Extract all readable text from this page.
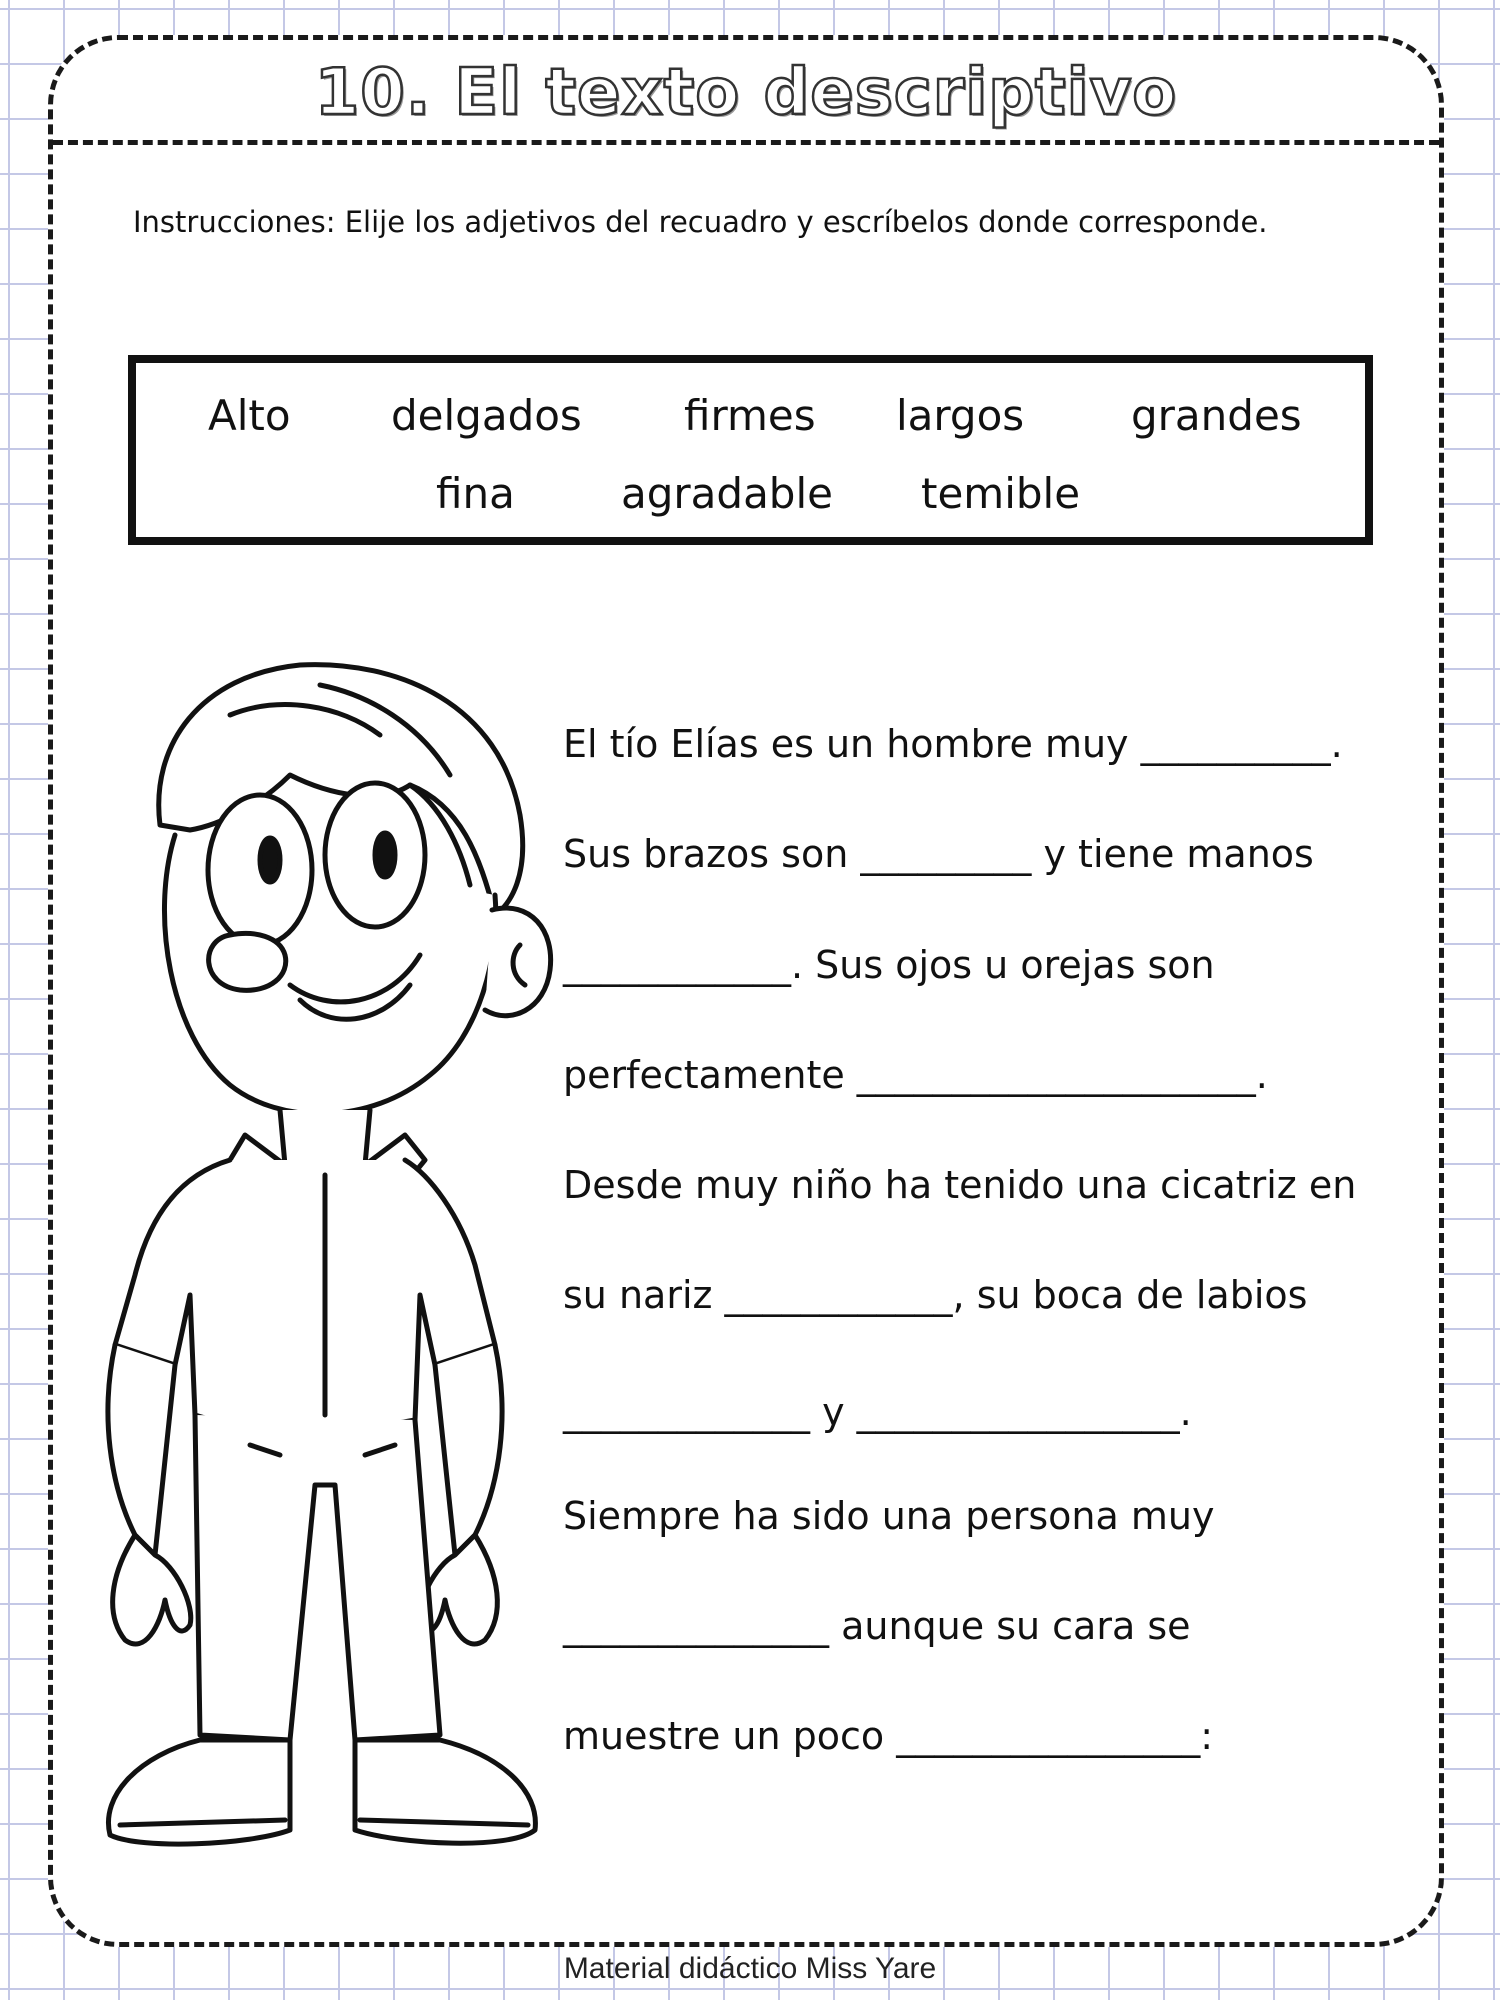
10. El texto descriptivo
Instrucciones: Elije los adjetivos del recuadro y escríbelos donde corresponde.
Alto delgados firmes largos	grandes
fina	agradable temible
El tío Elías es un hombre muy __________.
Sus brazos son _________ y tiene manos
____________. Sus ojos u orejas son
perfectamente _____________________.
Desde muy niño ha tenido una cicatriz en
su nariz ____________, su boca de labios
_____________ y _________________.
Siempre ha sido una persona muy
______________ aunque su cara se
muestre un poco ________________:
Material didáctico Miss Yare
